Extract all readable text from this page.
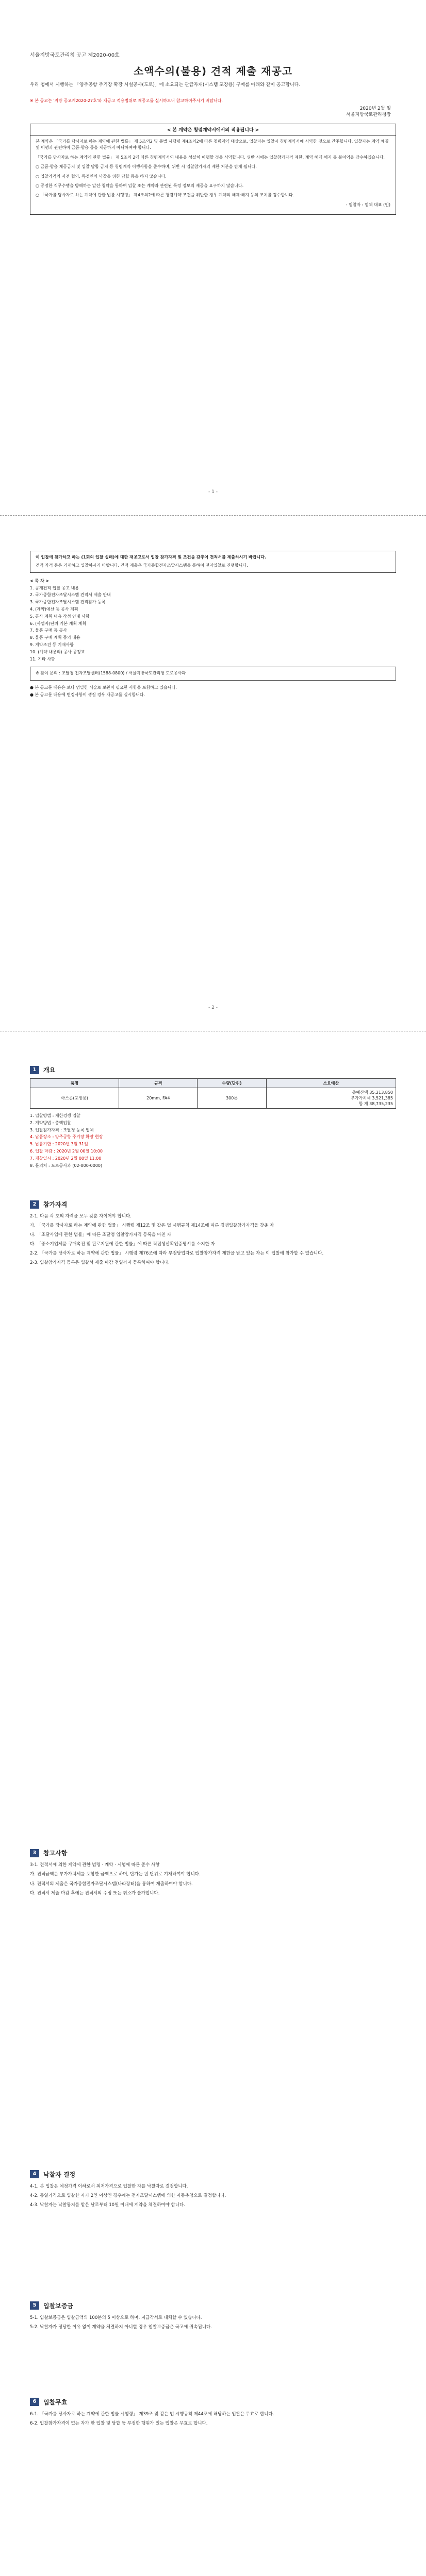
서울지방국토관리청 공고 제2020-00호
소액수의(불용) 견적 제출 재공고
우리 청에서 시행하는 「양주공항 주기장 확장 시설공사(도로)」에 소요되는 관급자재(시스템 포장용) 구매를 아래와 같이 공고합니다.
※ 본 공고는 '지방 공고계2020-27호'와 재공고 적용범위로 재공고를 실시하오니 참고하여주시기 바랍니다.
2020년 2월 일
서울지방국토관리청장
< 본 계약은 청렴계약서에서의 적용됩니다 >

본 계약은 「국가를 당사자로 하는 계약에 관한 법률」 제 5조의2 및 동법 시행령 제4조의2에 따른 청렴계약 대상으로, 입찰자는 입찰시 청렴계약서에 서약한 것으로 간주합니다. 입찰자는 계약 체결 및 이행과 관련하여 금품·향응 등을 제공하지 아니하여야 합니다.

「국가를 당사자로 하는 계약에 관한 법률」 제 5조의 2에 따른 청렴계약서의 내용을 성실히 이행할 것을 서약합니다. 위반 시에는 입찰참가자격 제한, 계약 해제·해지 등 불이익을 감수하겠습니다.

○ 금품·향응 제공금지 및 입찰 담합 금지 등 청렴계약 이행사항을 준수하며, 위반 시 입찰참가자격 제한 처분을 받게 됩니다.

○ 입찰가격의 사전 협의, 특정인의 낙찰을 위한 담합 등을 하지 않습니다.

○ 공정한 직무수행을 방해하는 알선·청탁을 통하여 입찰 또는 계약과 관련된 특정 정보의 제공을 요구하지 않습니다.

○ 「국가를 당사자로 하는 계약에 관한 법률 시행령」 제4조의2에 따른 청렴계약 조건을 위반한 경우 계약의 해제·해지 등의 조치를 감수합니다.

- 입찰자 : 업체 대표 (인)

- 1 -

이 입찰에 참가하고 하는 (1회의 입찰 실패)에 대한 재공고로서 입찰 참가자격 및 조건을 갖추어 견적서를 제출하시기 바랍니다.

견적 가격 등은 기재하고 입찰하시기 바랍니다. 견적 제출은 국가종합전자조달시스템을 통하여 전자입찰로 진행합니다.

< 목 차 >
1. 공개견적 입찰 공고 내용
2. 국가종합전자조달시스템 견적서 제출 안내
3. 국가종합전자조달시스템 견적참가 등록
4. (계약)예산 등 공사 계획
5. 공사 계획 내용 작성 안내 사항
6. (사업자)단위 기본 계획 계획
7. 물품 구매 등 공사
8. 물품 구매 계획 등의 내용
9. 계약조건 등 기재사항
10. (계약 내용의) 공사 공정표
11. 기타 사항
※ 참여 문의 : 조달청 전자조달센터(1588-0800) / 서울지방국토관리청 도로공사과
● 본 공고문 내용은 보다 엄밀한 서술로 보완이 필요한 사항을 포함하고 있습니다.
● 본 공고문 내용에 변경사항이 생길 경우 재공고를 실시합니다.
- 2 -
1	개요
품명	규격	수량(단위)	소요예산
아스콘(포장용)	20mm, FA4	300톤	총예산액 35,213,850
부가가치세 3,521,385
합 계 38,735,235
1. 입찰방법 : 제한경쟁 입찰
2. 계약방법 : 총액입찰
3. 입찰참가자격 : 조달청 등록 업체
4. 납품장소 : 양주공항 주기장 확장 현장
5. 납품기한 : 2020년 3월 31일
6. 입찰 마감 : 2020년 2월 00일 10:00
7. 개찰일시 : 2020년 2월 00일 11:00
8. 문의처 : 도로공사과 (02-000-0000)
2	참가자격

2-1. 다음 각 호의 자격을 모두 갖춘 자이어야 합니다.

가. 「국가를 당사자로 하는 계약에 관한 법률」 시행령 제12조 및 같은 법 시행규칙 제14조에 따른 경쟁입찰참가자격을 갖춘 자

나. 「조달사업에 관한 법률」에 따른 조달청 입찰참가자격 등록을 마친 자

다. 「중소기업제품 구매촉진 및 판로지원에 관한 법률」에 따른 직접생산확인증명서를 소지한 자

2-2. 「국가를 당사자로 하는 계약에 관한 법률」 시행령 제76조에 따라 부정당업자로 입찰참가자격 제한을 받고 있는 자는 이 입찰에 참가할 수 없습니다.

2-3. 입찰참가자격 등록은 입찰서 제출 마감 전일까지 등록하여야 합니다.

3	참고사항

3-1. 견적서에 의한 계약에 관한 법령 · 계약 · 시행에 따른 준수 사항

가. 견적금액은 부가가치세를 포함한 금액으로 하며, 단가는 원 단위로 기재하여야 합니다.

나. 견적서의 제출은 국가종합전자조달시스템(나라장터)을 통하여 제출하여야 합니다.

다. 견적서 제출 마감 후에는 견적서의 수정 또는 취소가 불가합니다.

4	낙찰자 결정

4-1. 본 입찰은 예정가격 이하로서 최저가격으로 입찰한 자를 낙찰자로 결정합니다.

4-2. 동일가격으로 입찰한 자가 2인 이상인 경우에는 전자조달시스템에 의한 자동추첨으로 결정합니다.

4-3. 낙찰자는 낙찰통지를 받은 날로부터 10일 이내에 계약을 체결하여야 합니다.

5	입찰보증금

5-1. 입찰보증금은 입찰금액의 100분의 5 이상으로 하며, 지급각서로 대체할 수 있습니다.

5-2. 낙찰자가 정당한 이유 없이 계약을 체결하지 아니할 경우 입찰보증금은 국고에 귀속됩니다.

6	입찰무효

6-1. 「국가를 당사자로 하는 계약에 관한 법률 시행령」 제39조 및 같은 법 시행규칙 제44조에 해당하는 입찰은 무효로 합니다.

6-2. 입찰참가자격이 없는 자가 한 입찰 및 담합 등 부정한 행위가 있는 입찰은 무효로 합니다.
